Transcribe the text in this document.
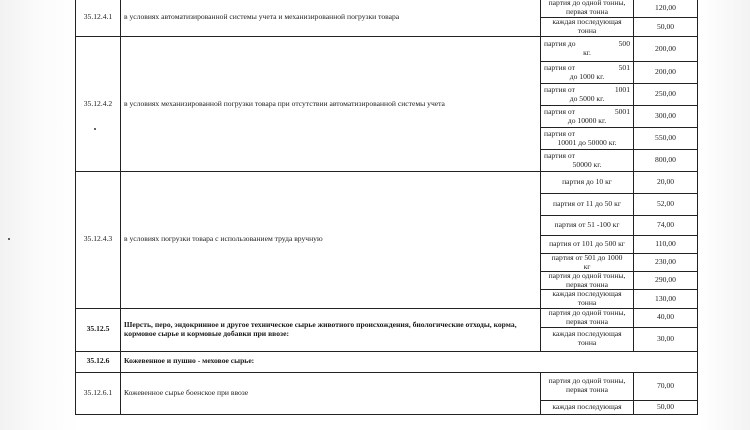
35.12.4.1	в условиях автоматизированной системы учета и механизированной погрузки товара	партия до одной тонны,
первая тонна	120,00

		каждая последующая
тонна	50,00
35.12.4.2	в условиях механизированной погрузки товара при отсутствии автоматизированной системы учета	партия до 500
кг.	200,00

		партия от 501
до 1000 кг.	200,00

		партия от 1001
до 5000 кг.	250,00

		партия от 5001
до 10000 кг.	300,00

		партия от
10001 до 50000 кг.	550,00

		партия от
50000 кг.	800,00
35.12.4.3	в условиях погрузки товара с использованием труда вручную	партия до 10 кг	20,00

		партия от 11 до 50 кг	52,00

		партия от 51 -100 кг	74,00

		партия от 101 до 500 кг	110,00

		партия от 501 до 1000
кг	230,00

		партия до одной тонны,
первая тонна	290,00

		каждая последующая
тонна	130,00
35.12.5	Шерсть, перо, эндокринное и другое техническое сырье животного происхождения, биологические отходы, корма, кормовое сырье и кормовые добавки при ввозе:	партия до одной тонны,
первая тонна	40,00

		каждая последующая
тонна	30,00
35.12.6	Кожевенное и пушно - меховое сырье:		
35.12.6.1	Кожевенное сырье боенское при ввозе	партия до одной тонны,
первая тонна	70,00

		каждая последующая	50,00
